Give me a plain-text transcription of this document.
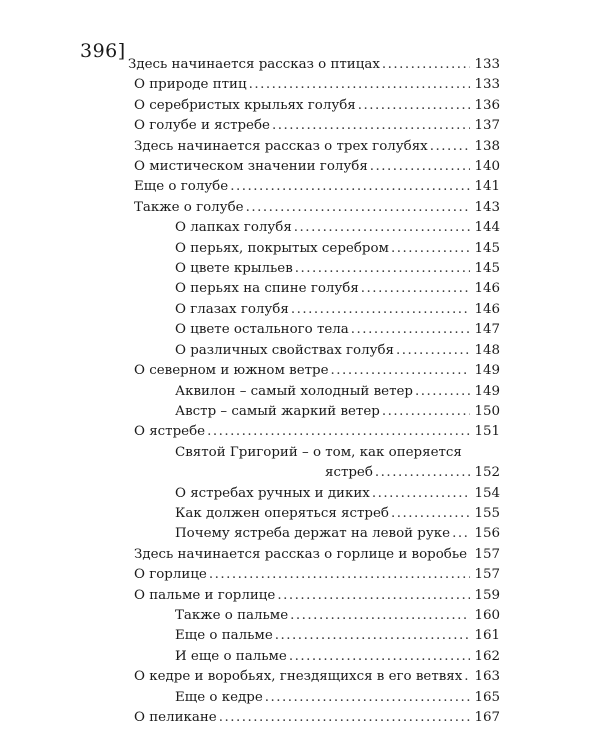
396]
Здесь начинается рассказ о птицах .....	133
О природе птиц .....	133
О серебристых крыльях голубя .....	136
О голубе и ястребе .....	137
Здесь начинается рассказ о трех голубях .....	138
О мистическом значении голубя .....	140
Еще о голубе .....	141
Также о голубе .....	143
О лапках голубя .....	144
О перьях, покрытых серебром .....	145
О цвете крыльев .....	145
О перьях на спине голубя .....	146
О глазах голубя .....	146
О цвете остального тела .....	147
О различных свойствах голубя .....	148
О северном и южном ветре .....	149
Аквилон – самый холодный ветер .....	149
Австр – самый жаркий ветер .....	150
О ястребе .....	151
Святой Григорий – о том, как оперяется
ястреб .....	152
О ястребах ручных и диких .....	154
Как должен оперяться ястреб .....	155
Почему ястреба держат на левой руке ..... 156
Здесь начинается рассказ о горлице и воробье ..... 157
О горлице .....	157
О пальме и горлице .....	159
Также о пальме .....	160
Еще о пальме .....	161
И еще о пальме .....	162
О кедре и воробьях, гнездящихся в его ветвях ..... 163
Еще о кедре .....	165
О пеликане .....	167
